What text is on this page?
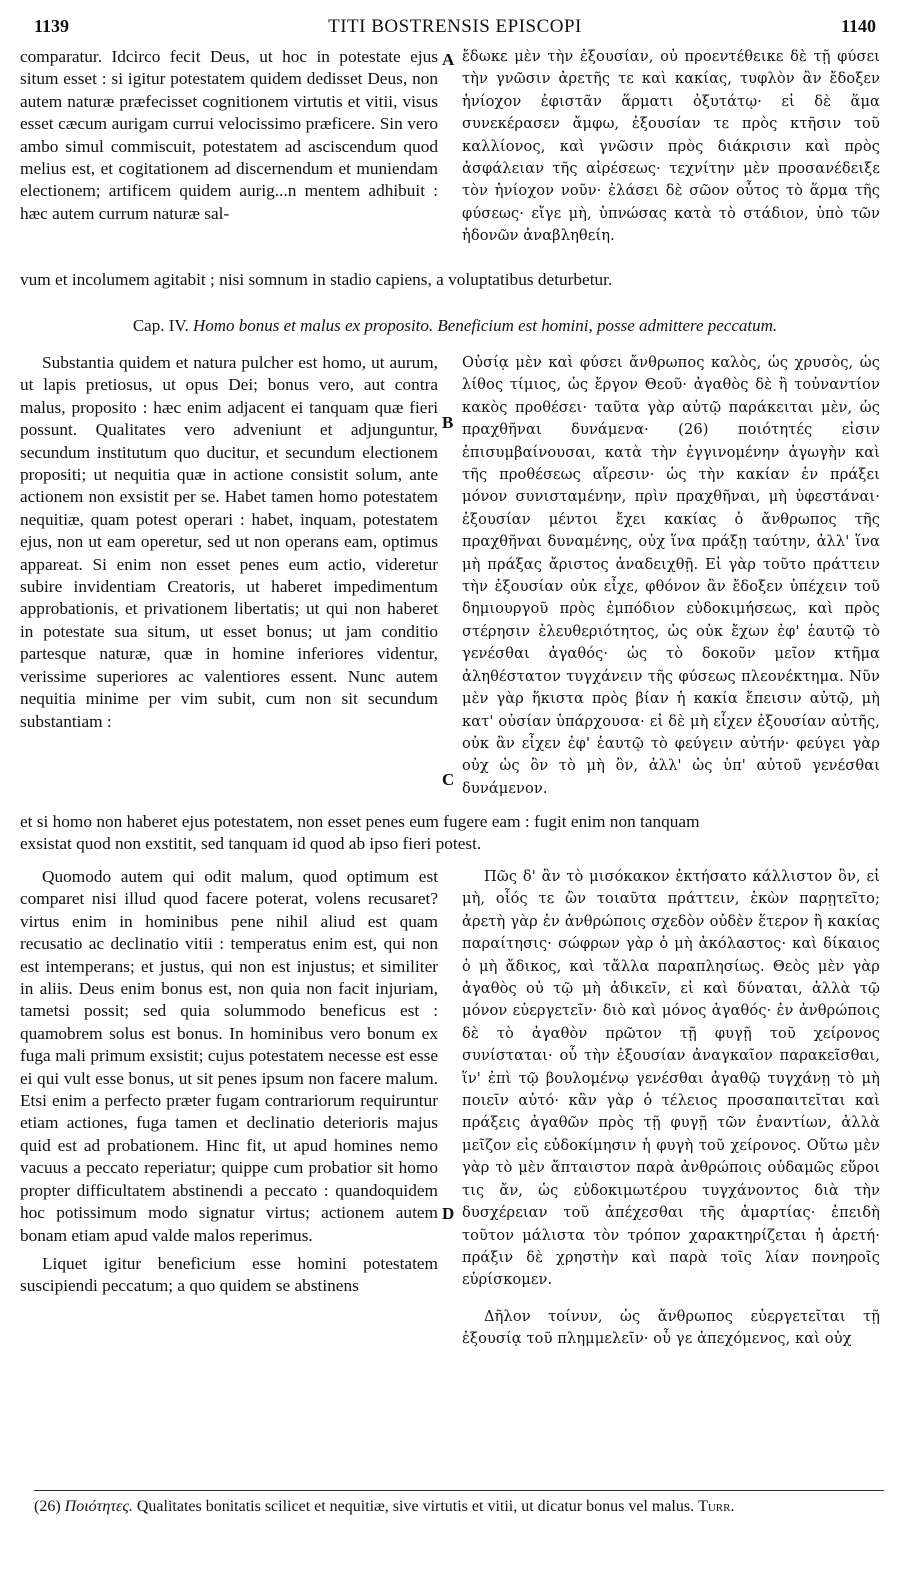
1139	TITI BOSTRENSIS EPISCOPI	1140
comparatur. Idcirco fecit Deus, ut hoc in potestate ejus situm esset : si igitur potestatem quidem dedisset Deus, non autem naturæ præfecisset cognitionem virtutis et vitii, visus esset cæcum aurigam currui velocissimo præficere. Sin vero ambo simul commiscuit, potestatem ad asciscendum quod melius est, et cogitationem ad discernendum et muniendam electionem; artificem quidem aurig...n mentem adhibuit : hæc autem currum naturæ sal-
A ἔδωκε μὲν τὴν ἐξουσίαν, οὐ προεντέθεικε δὲ τῇ φύσει τὴν γνῶσιν ἀρετῆς τε καὶ κακίας, τυφλὸν ἂν ἔδοξεν ἡνίοχον ἐφιστᾶν ἅρματι ὀξυτάτῳ· εἰ δὲ ἅμα συνεκέρασεν ἄμφω, ἐξουσίαν τε πρὸς κτῆσιν τοῦ καλλίονος, καὶ γνῶσιν πρὸς διάκρισιν καὶ πρὸς ἀσφάλειαν τῆς αἱρέσεως· τεχνίτην μὲν προσανέδειξε τὸν ἡνίοχον νοῦν· ἐλάσει δὲ σῶον οὗτος τὸ ἅρμα τῆς φύσεως· εἴγε μὴ, ὑπνώσας κατὰ τὸ στάδιον, ὑπὸ τῶν ἡδονῶν ἀναβληθείη.
vum et incolumem agitabit ; nisi somnum in stadio capiens, a voluptatibus deturbetur.
Cap. IV. Homo bonus et malus ex proposito. Beneficium est homini, posse admittere peccatum.
Substantia quidem et natura pulcher est homo, ut aurum, ut lapis pretiosus, ut opus Dei; bonus vero, aut contra malus, proposito : hæc enim adjacent ei tanquam quæ fieri possunt. Qualitates vero adveniunt et adjunguntur, secundum institutum quo ducitur, et secundum electionem propositi; ut nequitia quæ in actione consistit solum, ante actionem non exsistit per se. Habet tamen homo potestatem nequitiæ, quam potest operari : habet, inquam, potestatem ejus, non ut eam operetur, sed ut non operans eam, optimus appareat. Si enim non esset penes eum actio, videretur subire invidentiam Creatoris, ut haberet impedimentum approbationis, et privationem libertatis; ut qui non haberet in potestate sua situm, ut esset bonus; ut jam conditio partesque naturæ, quæ in homine inferiores videntur, verissime superiores ac valentiores essent. Nunc autem nequitia minime per vim subit, cum non sit secundum substantiam :
B
C
Οὐσίᾳ μὲν καὶ φύσει ἄνθρωπος καλὸς, ὡς χρυσὸς, ὡς λίθος τίμιος, ὡς ἔργον Θεοῦ· ἀγαθὸς δὲ ἢ τοὐναντίον κακὸς προθέσει· ταῦτα γὰρ αὐτῷ παράκειται μὲν, ὡς πραχθῆναι δυνάμενα· (26) ποιότητές εἰσιν ἐπισυμβαίνουσαι, κατὰ τὴν ἐγγινομένην ἀγωγὴν καὶ τῆς προθέσεως αἵρεσιν· ὡς τὴν κακίαν ἐν πράξει μόνον συνισταμένην, πρὶν πραχθῆναι, μὴ ὑφεστάναι· ἐξουσίαν μέντοι ἔχει κακίας ὁ ἄνθρωπος τῆς πραχθῆναι δυναμένης, οὐχ ἵνα πράξῃ ταύτην, ἀλλ' ἵνα μὴ πράξας ἄριστος ἀναδειχθῇ. Εἰ γὰρ τοῦτο πράττειν τὴν ἐξουσίαν οὐκ εἶχε, φθόνον ἂν ἔδοξεν ὑπέχειν τοῦ δημιουργοῦ πρὸς ἐμπόδιον εὐδοκιμήσεως, καὶ πρὸς στέρησιν ἐλευθεριότητος, ὡς οὐκ ἔχων ἐφ' ἑαυτῷ τὸ γενέσθαι ἀγαθός· ὡς τὸ δοκοῦν μεῖον κτῆμα ἀληθέστατον τυγχάνειν τῆς φύσεως πλεονέκτημα. Νῦν μὲν γὰρ ἥκιστα πρὸς βίαν ἡ κακία ἔπεισιν αὐτῷ, μὴ κατ' οὐσίαν ὑπάρχουσα· εἰ δὲ μὴ εἶχεν ἐξουσίαν αὐτῆς, οὐκ ἂν εἶχεν ἐφ' ἑαυτῷ τὸ φεύγειν αὐτήν· φεύγει γὰρ οὐχ ὡς ὂν τὸ μὴ ὂν, ἀλλ' ὡς ὑπ' αὐτοῦ γενέσθαι δυνάμενον.
et si homo non haberet ejus potestatem, non esset penes eum fugere eam : fugit enim non tanquam
exsistat quod non exstitit, sed tanquam id quod ab ipso fieri potest.

Quomodo autem qui odit malum, quod optimum est comparet nisi illud quod facere poterat, volens recusaret? virtus enim in hominibus pene nihil aliud est quam recusatio ac declinatio vitii : temperatus enim est, qui non est intemperans; et justus, qui non est injustus; et similiter in aliis. Deus enim bonus est, non quia non facit injuriam, tametsi possit; sed quia solummodo beneficus est : quamobrem solus est bonus. In hominibus vero bonum ex fuga mali primum exsistit; cujus potestatem necesse est esse ei qui vult esse bonus, ut sit penes ipsum non facere malum. Etsi enim a perfecto præter fugam contrariorum requiruntur etiam actiones, fuga tamen et declinatio deterioris majus quid est ad probationem. Hinc fit, ut apud homines nemo vacuus a peccato reperiatur; quippe cum probatior sit homo propter difficultatem abstinendi a peccato : quandoquidem hoc potissimum modo signatur virtus; actionem autem bonam etiam apud valde malos reperimus.

Liquet igitur beneficium esse homini potestatem suscipiendi peccatum; a quo quidem se abstinens

D

Πῶς δ' ἂν τὸ μισόκακον ἐκτήσατο κάλλιστον ὂν, εἰ μὴ, οἷός τε ὢν τοιαῦτα πράττειν, ἑκὼν παρῃτεῖτο; ἀρετὴ γὰρ ἐν ἀνθρώποις σχεδὸν οὐδὲν ἕτερον ἢ κακίας παραίτησις· σώφρων γὰρ ὁ μὴ ἀκόλαστος· καὶ δίκαιος ὁ μὴ ἄδικος, καὶ τἄλλα παραπλησίως. Θεὸς μὲν γὰρ ἀγαθὸς οὐ τῷ μὴ ἀδικεῖν, εἰ καὶ δύναται, ἀλλὰ τῷ μόνον εὐεργετεῖν· διὸ καὶ μόνος ἀγαθός· ἐν ἀνθρώποις δὲ τὸ ἀγαθὸν πρῶτον τῇ φυγῇ τοῦ χείρονος συνίσταται· οὗ τὴν ἐξουσίαν ἀναγκαῖον παρακεῖσθαι, ἵν' ἐπὶ τῷ βουλομένῳ γενέσθαι ἀγαθῷ τυγχάνῃ τὸ μὴ ποιεῖν αὐτό· κἂν γὰρ ὁ τέλειος προσαπαιτεῖται καὶ πράξεις ἀγαθῶν πρὸς τῇ φυγῇ τῶν ἐναντίων, ἀλλὰ μεῖζον εἰς εὐδοκίμησιν ἡ φυγὴ τοῦ χείρονος. Οὕτω μὲν γὰρ τὸ μὲν ἄπταιστον παρὰ ἀνθρώποις οὐδαμῶς εὕροι τις ἄν, ὡς εὐδοκιμωτέρου τυγχάνοντος διὰ τὴν δυσχέρειαν τοῦ ἀπέχεσθαι τῆς ἁμαρτίας· ἐπειδὴ τοῦτον μάλιστα τὸν τρόπον χαρακτηρίζεται ἡ ἀρετή· πράξιν δὲ χρηστὴν καὶ παρὰ τοῖς λίαν πονηροῖς εὑρίσκομεν.

Δῆλον τοίνυν, ὡς ἄνθρωπος εὐεργετεῖται τῇ ἐξουσίᾳ τοῦ πλημμελεῖν· οὗ γε ἀπεχόμενος, καὶ οὐχ

(26) Ποιότητες. Qualitates bonitatis scilicet et nequitiæ, sive virtutis et vitii, ut dicatur bonus vel malus. Turr.
